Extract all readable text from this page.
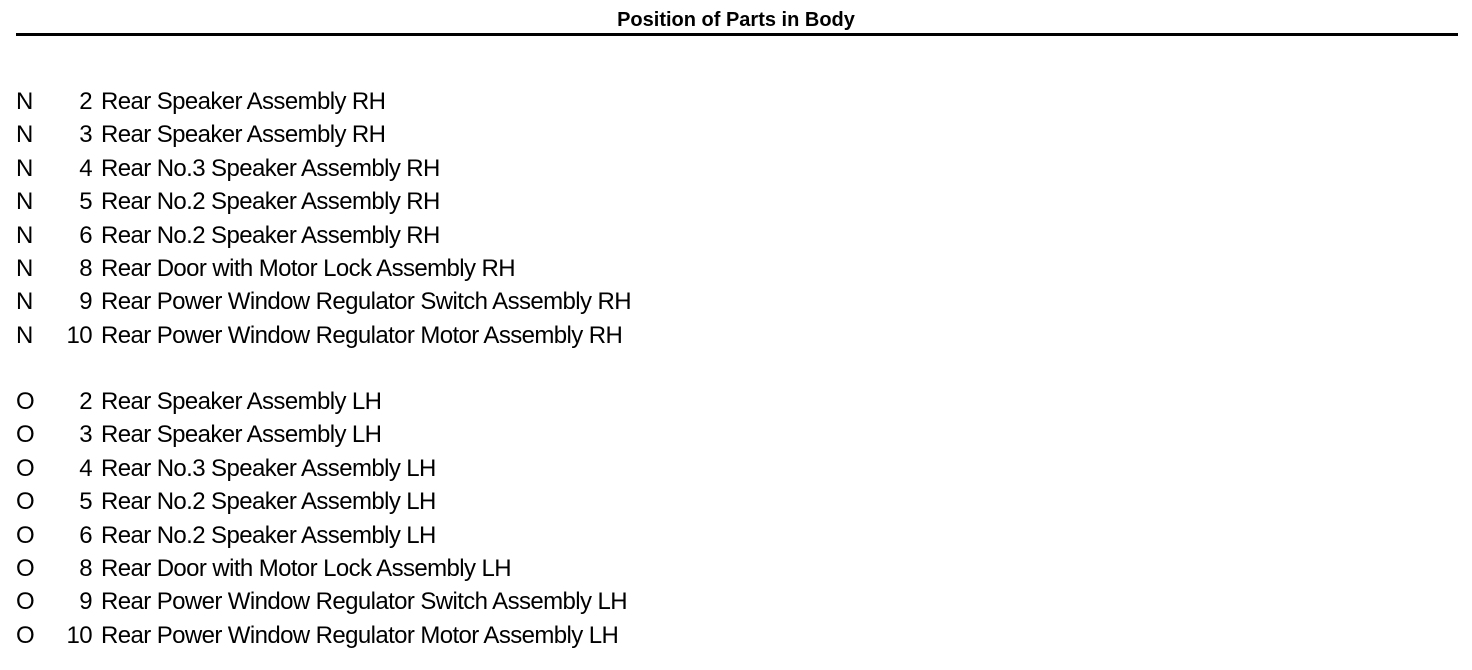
Position of Parts in Body
N	2 Rear Speaker Assembly RH
N	3 Rear Speaker Assembly RH
N	4 Rear No.3 Speaker Assembly RH
N	5 Rear No.2 Speaker Assembly RH
N	6 Rear No.2 Speaker Assembly RH
N	8 Rear Door with Motor Lock Assembly RH
N	9 Rear Power Window Regulator Switch Assembly RH
N	10 Rear Power Window Regulator Motor Assembly RH
O	2 Rear Speaker Assembly LH
O	3 Rear Speaker Assembly LH
O	4 Rear No.3 Speaker Assembly LH
O	5 Rear No.2 Speaker Assembly LH
O	6 Rear No.2 Speaker Assembly LH
O	8 Rear Door with Motor Lock Assembly LH
O	9 Rear Power Window Regulator Switch Assembly LH
O	10 Rear Power Window Regulator Motor Assembly LH
